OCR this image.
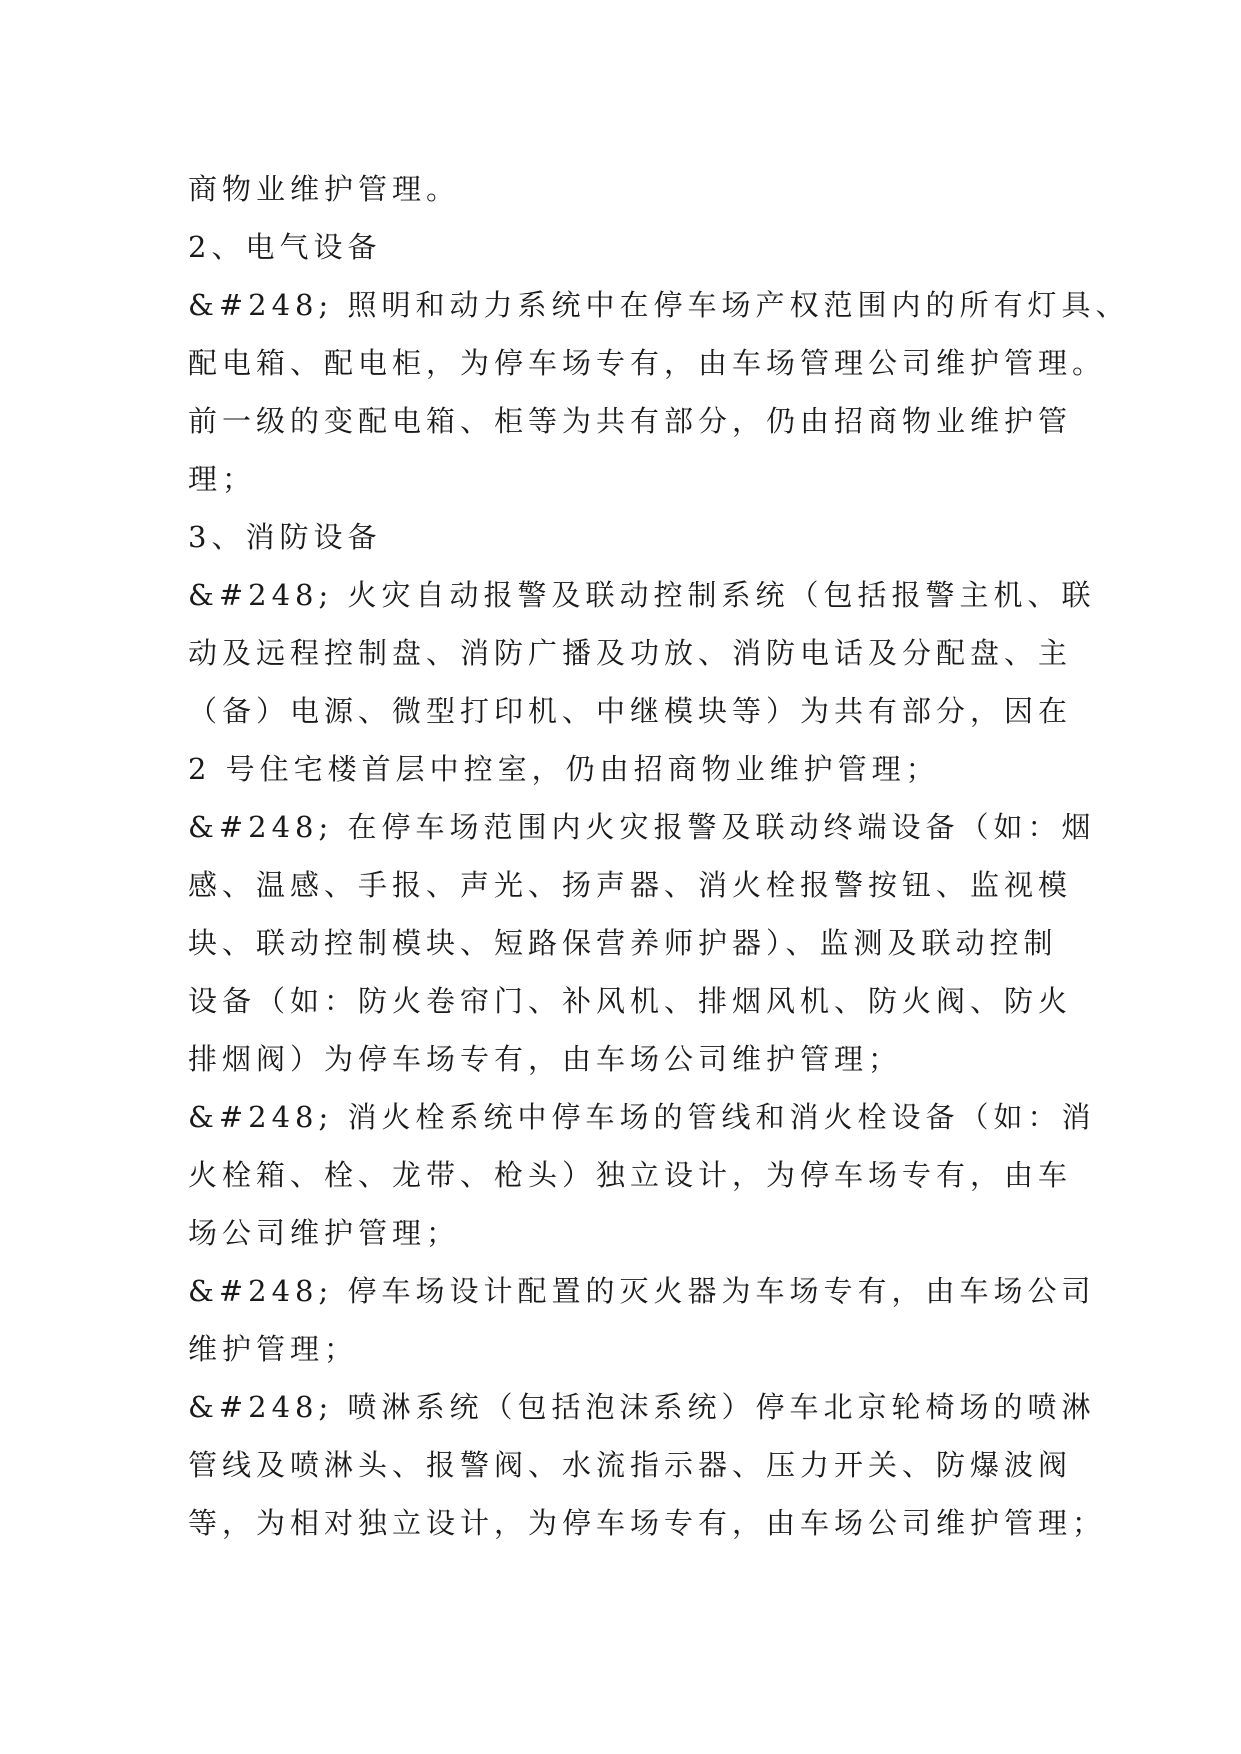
商物业维护管理。
2、电气设备
&#248; 照明和动力系统中在停车场产权范围内的所有灯具、
配电箱、配电柜，为停车场专有，由车场管理公司维护管理。
前一级的变配电箱、柜等为共有部分，仍由招商物业维护管
理；
3、消防设备
&#248; 火灾自动报警及联动控制系统（包括报警主机、联
动及远程控制盘、消防广播及功放、消防电话及分配盘、主
（备）电源、微型打印机、中继模块等）为共有部分，因在
2 号住宅楼首层中控室，仍由招商物业维护管理；
&#248; 在停车场范围内火灾报警及联动终端设备（如：烟
感、温感、手报、声光、扬声器、消火栓报警按钮、监视模
块、联动控制模块、短路保营养师护器）、监测及联动控制
设备（如：防火卷帘门、补风机、排烟风机、防火阀、防火
排烟阀）为停车场专有，由车场公司维护管理；
&#248; 消火栓系统中停车场的管线和消火栓设备（如：消
火栓箱、栓、龙带、枪头）独立设计，为停车场专有，由车
场公司维护管理；
&#248; 停车场设计配置的灭火器为车场专有，由车场公司
维护管理；
&#248; 喷淋系统（包括泡沫系统）停车北京轮椅场的喷淋
管线及喷淋头、报警阀、水流指示器、压力开关、防爆波阀
等，为相对独立设计，为停车场专有，由车场公司维护管理；
